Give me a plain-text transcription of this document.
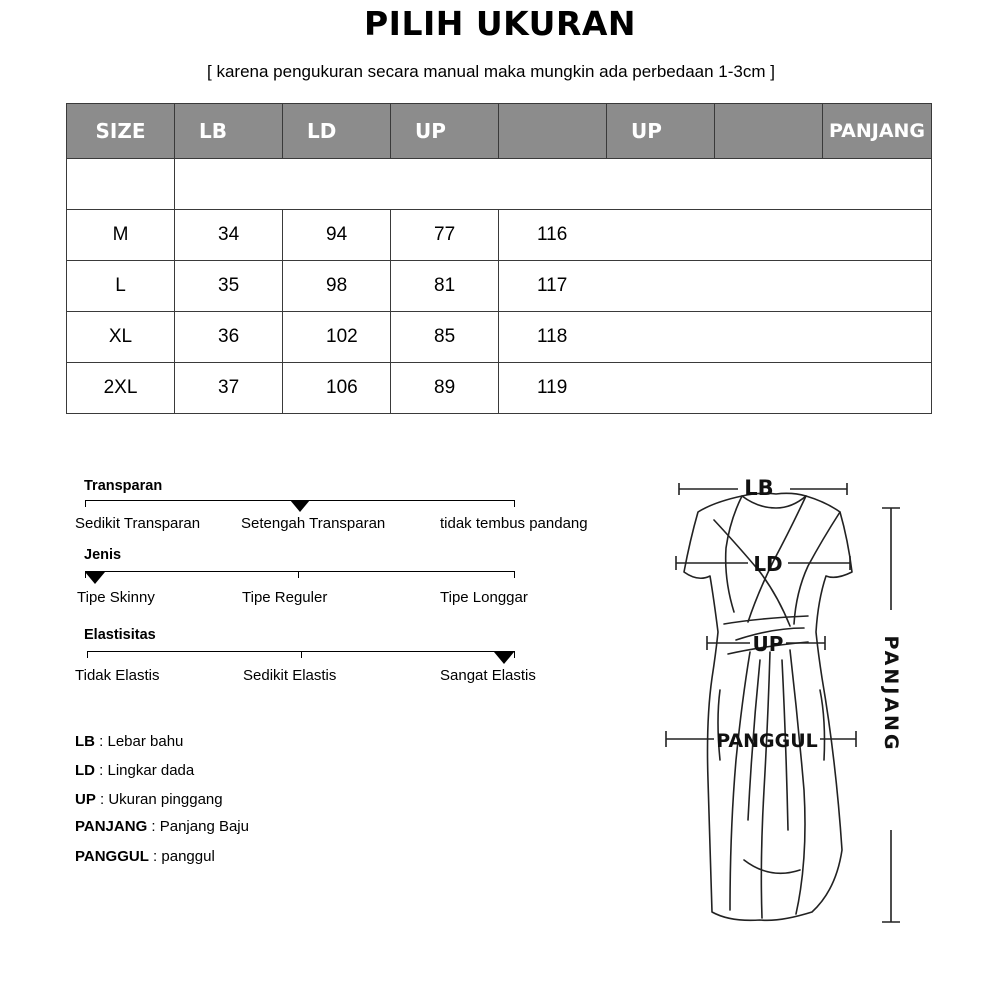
PILIH UKURAN
[ karena pengukuran secara manual maka mungkin ada perbedaan 1-3cm ]
SIZE	LB	LD	UP		UP		PANJANG

M	34	94	77	116			
L	35	98	81	117			
XL	36	102	85	118			
2XL	37	106	89	119			
Transparan
Sedikit Transparan	Setengah Transparan	tidak tembus pandang
Jenis
Tipe Skinny	Tipe Reguler	Tipe Longgar
Elastisitas
Tidak Elastis	Sedikit Elastis	Sangat Elastis
LB : Lebar bahu
LD : Lingkar dada
UP : Ukuran pinggang
PANJANG : Panjang Baju
PANGGUL : panggul
LB
LD
UP
PANGGUL	PANJANG
